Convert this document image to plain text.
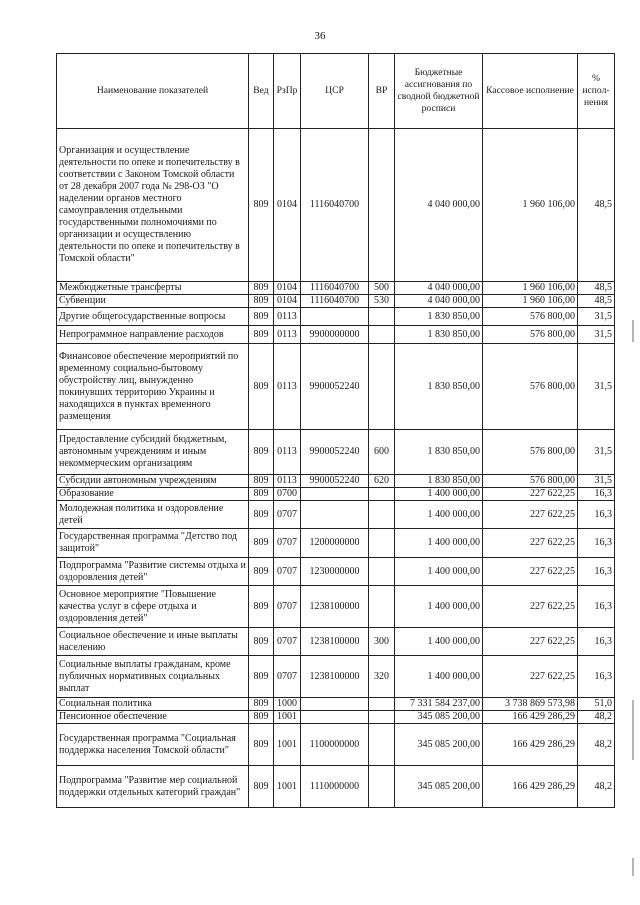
36
Наименование показателей	Вед	РзПр	ЦСР	ВР	Бюджетные ассигнования по сводной бюджетной росписи	Кассовое исполнение	% испол-нения
Организация и осуществление деятельности по опеке и попечительству в соответствии с Законом Томской области от 28 декабря 2007 года № 298-ОЗ "О наделении органов местного самоуправления отдельными государственными полномочиями по организации и осуществлению деятельности по опеке и попечительству в Томской области"	809	0104	1116040700		4 040 000,00	1 960 106,00	48,5
Межбюджетные трансферты	809	0104	1116040700	500	4 040 000,00	1 960 106,00	48,5
Субвенции	809	0104	1116040700	530	4 040 000,00	1 960 106,00	48,5
Другие общегосударственные вопросы	809	0113			1 830 850,00	576 800,00	31,5
Непрограммное направление расходов	809	0113	9900000000		1 830 850,00	576 800,00	31,5
Финансовое обеспечение мероприятий по временному социально-бытовому обустройству лиц, вынужденно покинувших территорию Украины и находящихся в пунктах временного размещения	809	0113	9900052240		1 830 850,00	576 800,00	31,5
Предоставление субсидий бюджетным, автономным учреждениям и иным некоммерческим организациям	809	0113	9900052240	600	1 830 850,00	576 800,00	31,5
Субсидии автономным учреждениям	809	0113	9900052240	620	1 830 850,00	576 800,00	31,5
Образование	809	0700			1 400 000,00	227 622,25	16,3
Молодежная политика и оздоровление детей	809	0707			1 400 000,00	227 622,25	16,3
Государственная программа "Детство под защитой"	809	0707	1200000000		1 400 000,00	227 622,25	16,3
Подпрограмма "Развитие системы отдыха и оздоровления детей"	809	0707	1230000000		1 400 000,00	227 622,25	16,3
Основное мероприятие "Повышение качества услуг в сфере отдыха и оздоровления детей"	809	0707	1238100000		1 400 000,00	227 622,25	16,3
Социальное обеспечение и иные выплаты населению	809	0707	1238100000	300	1 400 000,00	227 622,25	16,3
Социальные выплаты гражданам, кроме публичных нормативных социальных выплат	809	0707	1238100000	320	1 400 000,00	227 622,25	16,3
Социальная политика	809	1000			7 331 584 237,00	3 738 869 573,98	51,0
Пенсионное обеспечение	809	1001			345 085 200,00	166 429 286,29	48,2
Государственная программа "Социальная поддержка населения Томской области"	809	1001	1100000000		345 085 200,00	166 429 286,29	48,2
Подпрограмма "Развитие мер социальной поддержки отдельных категорий граждан"	809	1001	1110000000		345 085 200,00	166 429 286,29	48,2
